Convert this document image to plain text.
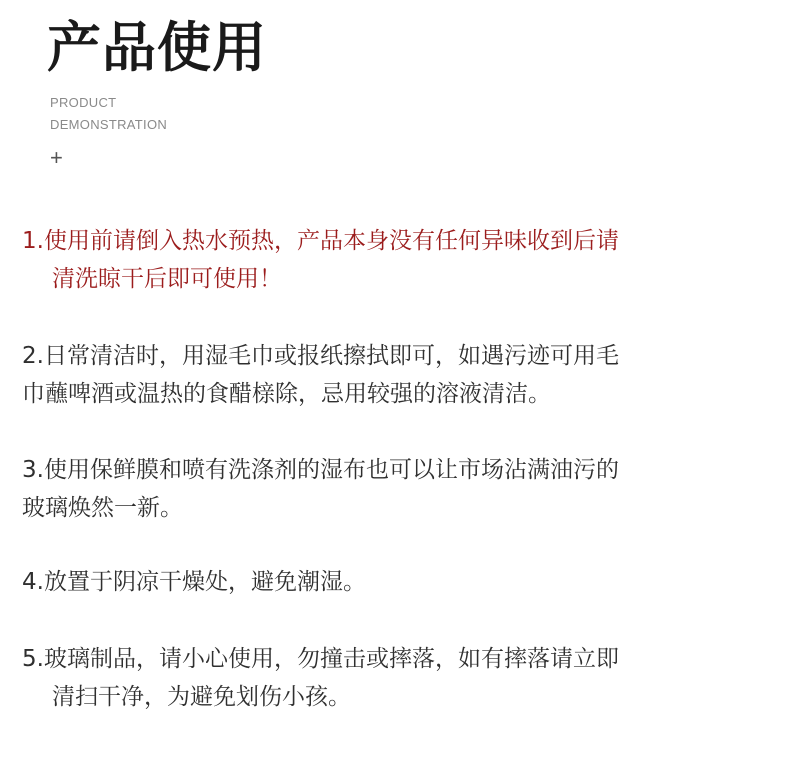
产品使用
PRODUCT
DEMONSTRATION
+
1.使用前请倒入热水预热，产品本身没有任何异味收到后请
清洗晾干后即可使用！
2.日常清洁时，用湿毛巾或报纸擦拭即可，如遇污迹可用毛
巾蘸啤酒或温热的食醋榇除，忌用较强的溶液清洁。
3.使用保鲜膜和喷有洗涤剂的湿布也可以让市场沾满油污的
玻璃焕然一新。
4.放置于阴凉干燥处，避免潮湿。
5.玻璃制品，请小心使用，勿撞击或摔落，如有摔落请立即
清扫干净，为避免划伤小孩。
